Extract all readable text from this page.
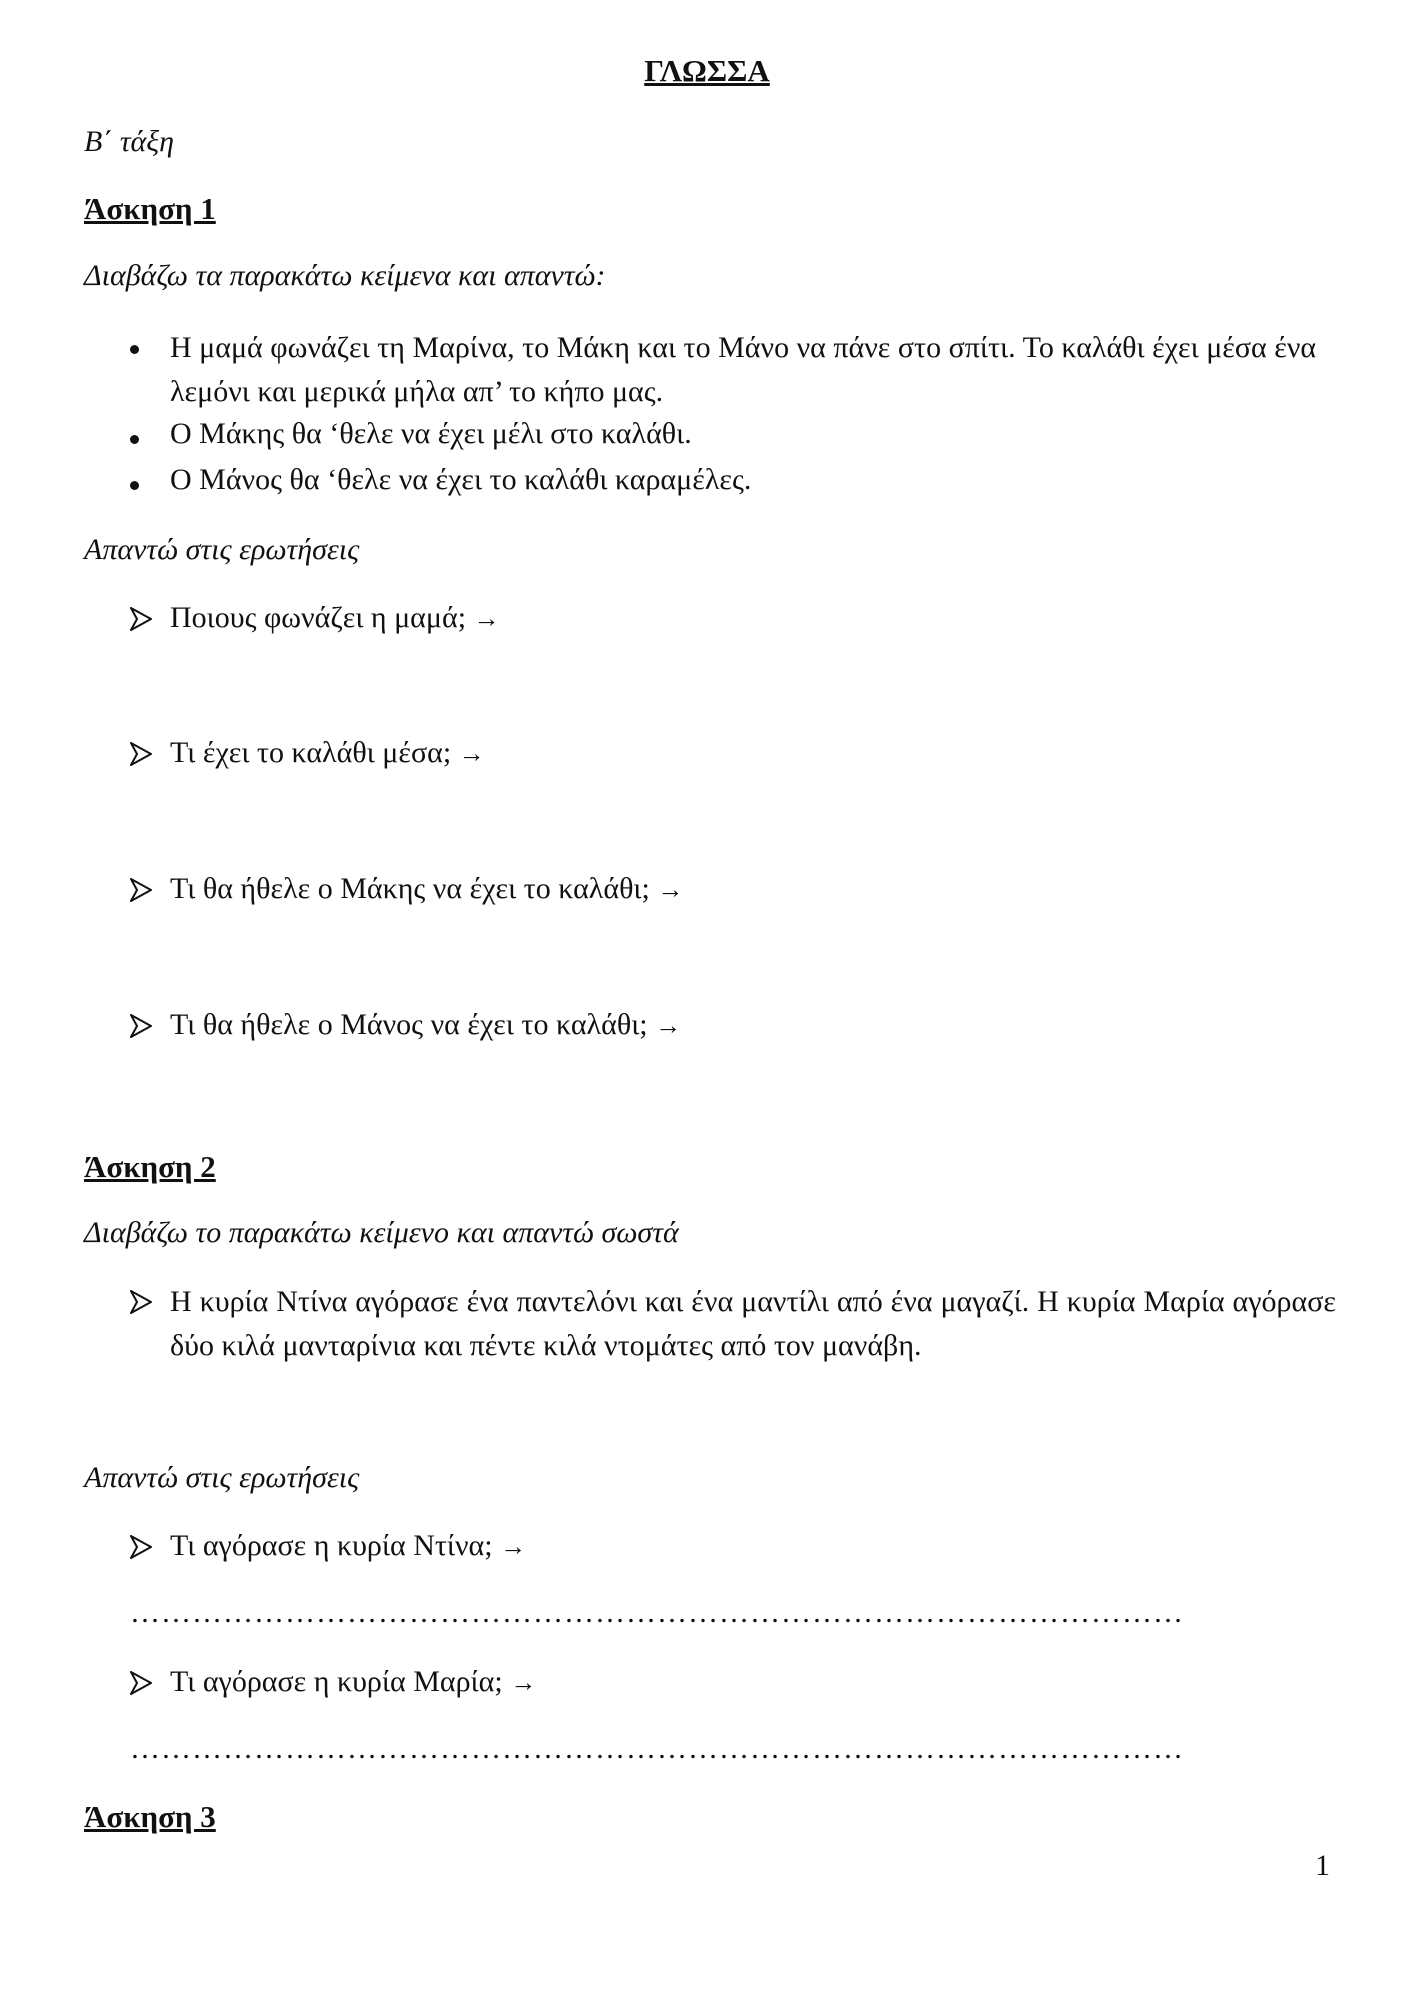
ΓΛΩΣΣΑ
Β΄ τάξη
Άσκηση 1
Διαβάζω τα παρακάτω κείμενα και απαντώ:
Η μαμά φωνάζει τη Μαρίνα, το Μάκη και το Μάνο να πάνε στο σπίτι. Το καλάθι έχει μέσα ένα λεμόνι και μερικά μήλα απ’ το κήπο μας.
Ο Μάκης θα ‘θελε να έχει μέλι στο καλάθι.
Ο Μάνος θα ‘θελε να έχει το καλάθι καραμέλες.
Απαντώ στις ερωτήσεις
Ποιους φωνάζει η μαμά; →
Τι έχει το καλάθι μέσα; →
Τι θα ήθελε ο Μάκης να έχει το καλάθι; →
Τι θα ήθελε ο Μάνος να έχει το καλάθι; →
Άσκηση 2
Διαβάζω το παρακάτω κείμενο και απαντώ σωστά
Η κυρία Ντίνα αγόρασε ένα παντελόνι και ένα μαντίλι από ένα μαγαζί. Η κυρία Μαρία αγόρασε δύο κιλά μανταρίνια και πέντε κιλά ντομάτες από τον μανάβη.
Απαντώ στις ερωτήσεις
Τι αγόρασε η κυρία Ντίνα; →
…………………………………………………………………………………………
Τι αγόρασε η κυρία Μαρία; →
…………………………………………………………………………………………
Άσκηση 3
1
